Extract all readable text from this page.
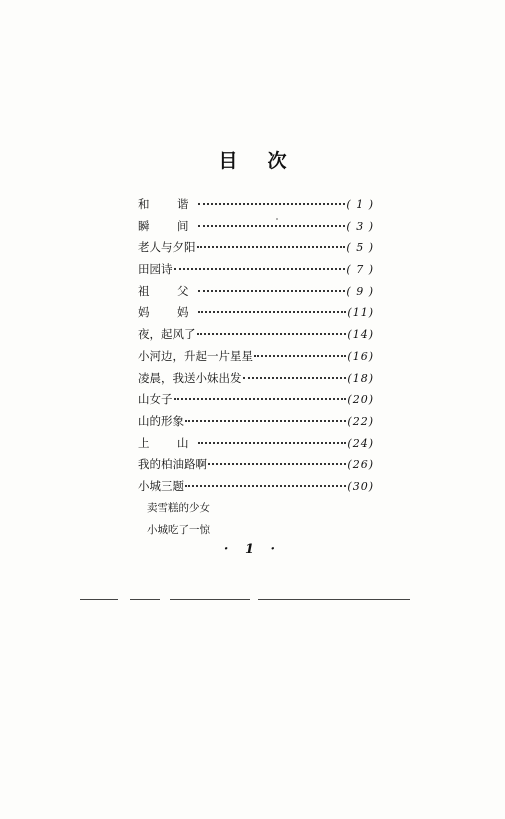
目 次
和　谐	( 1 )
瞬　间	( 3 )
老人与夕阳	( 5 )
田园诗	( 7 )
祖　父	( 9 )
妈　妈	(11)
夜，起风了	(14)
小河边，升起一片星星	(16)
凌晨，我送小妹出发	(18)
山女子	(20)
山的形象	(22)
上　山	(24)
我的柏油路啊	(26)
小城三题	(30)
卖雪糕的少女
小城吃了一惊
· 1 ·
